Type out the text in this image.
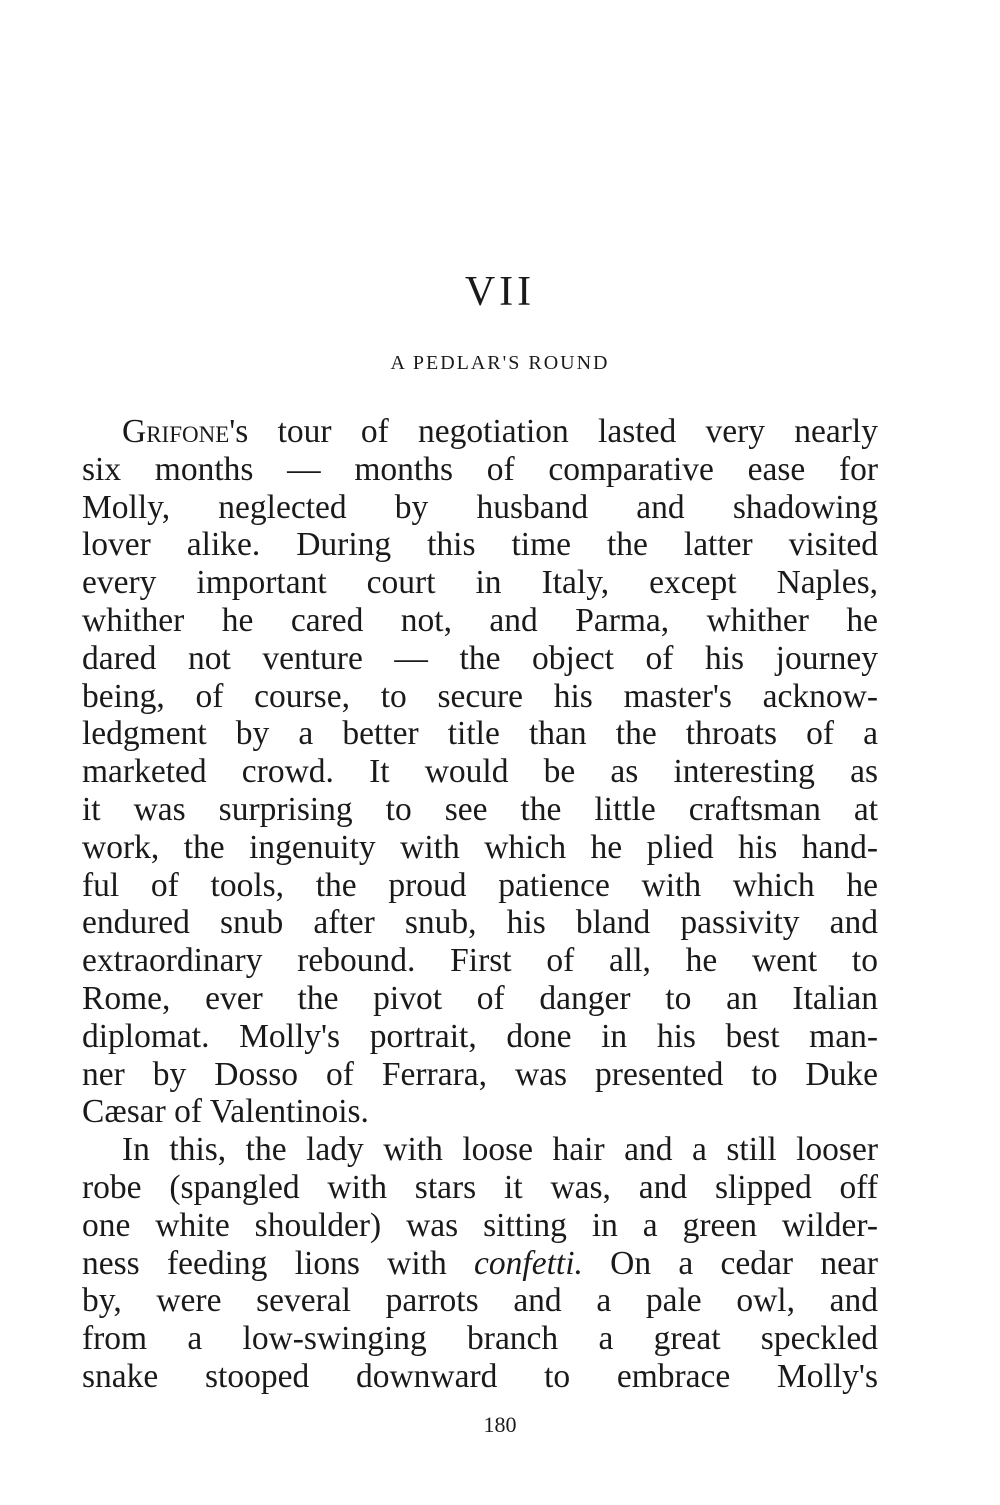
VII
A PEDLAR'S ROUND
Grifone's tour of negotiation lasted very nearly
six months — months of comparative ease for
Molly, neglected by husband and shadowing
lover alike. During this time the latter visited
every important court in Italy, except Naples,
whither he cared not, and Parma, whither he
dared not venture — the object of his journey
being, of course, to secure his master's acknow-
ledgment by a better title than the throats of a
marketed crowd. It would be as interesting as
it was surprising to see the little craftsman at
work, the ingenuity with which he plied his hand-
ful of tools, the proud patience with which he
endured snub after snub, his bland passivity and
extraordinary rebound. First of all, he went to
Rome, ever the pivot of danger to an Italian
diplomat. Molly's portrait, done in his best man-
ner by Dosso of Ferrara, was presented to Duke
Cæsar of Valentinois.
In this, the lady with loose hair and a still looser
robe (spangled with stars it was, and slipped off
one white shoulder) was sitting in a green wilder-
ness feeding lions with confetti. On a cedar near
by, were several parrots and a pale owl, and
from a low-swinging branch a great speckled
snake stooped downward to embrace Molly's
180
